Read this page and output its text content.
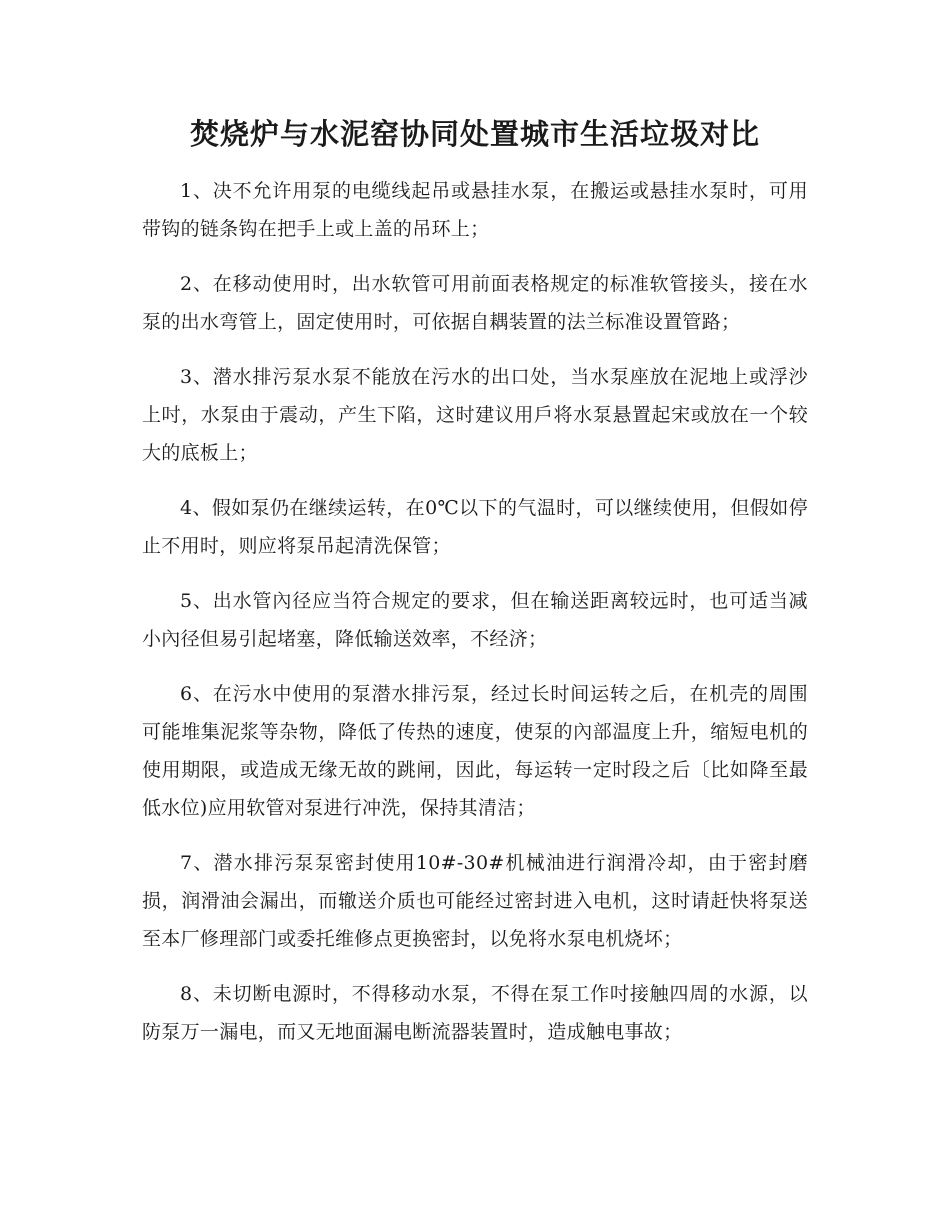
焚烧炉与水泥窑协同处置城市生活垃圾对比

1、决不允许用泵的电缆线起吊或悬挂水泵，在搬运或悬挂水泵时，可用带钩的链条钩在把手上或上盖的吊环上；

2、在移动使用时，出水软管可用前面表格规定的标准软管接头，接在水泵的出水弯管上，固定使用时，可依据自耦装置的法兰标准设置管路；

3、潜水排污泵水泵不能放在污水的出口处，当水泵座放在泥地上或浮沙上吋，水泵由于震动，产生下陷，这时建议用戶将水泵悬置起宋或放在一个较大的底板上；

4、假如泵仍在继续运转，在0℃以下的气温时，可以继续使用，但假如停止不用时，则应将泵吊起清洗保管；

5、出水管內径应当符合规定的要求，但在输送距离较远时，也可适当减小內径但易引起堵塞，降低输送效率，不经济；

6、在污水中使用的泵潜水排污泵，经过长时间运转之后，在机壳的周围可能堆集泥浆等杂物，降低了传热的速度，使泵的內部温度上升，缩短电机的使用期限，或造成无缘无故的跳闸，因此，每运转一定时段之后〔比如降至最低水位)应用软管对泵进行冲洗，保持其清洁；

7、潜水排污泵泵密封使用10#-30#机械油进行润滑冷却，由于密封磨损，润滑油会漏出，而辙送介质也可能经过密封进入电机，这时请赶快将泵送至本厂修理部门或委托维修点更换密封，以免将水泵电机烧坏；

8、未切断电源时，不得移动水泵，不得在泵工作吋接触四周的水源，以防泵万一漏电，而又无地面漏电断流器装置时，造成触电事故；
